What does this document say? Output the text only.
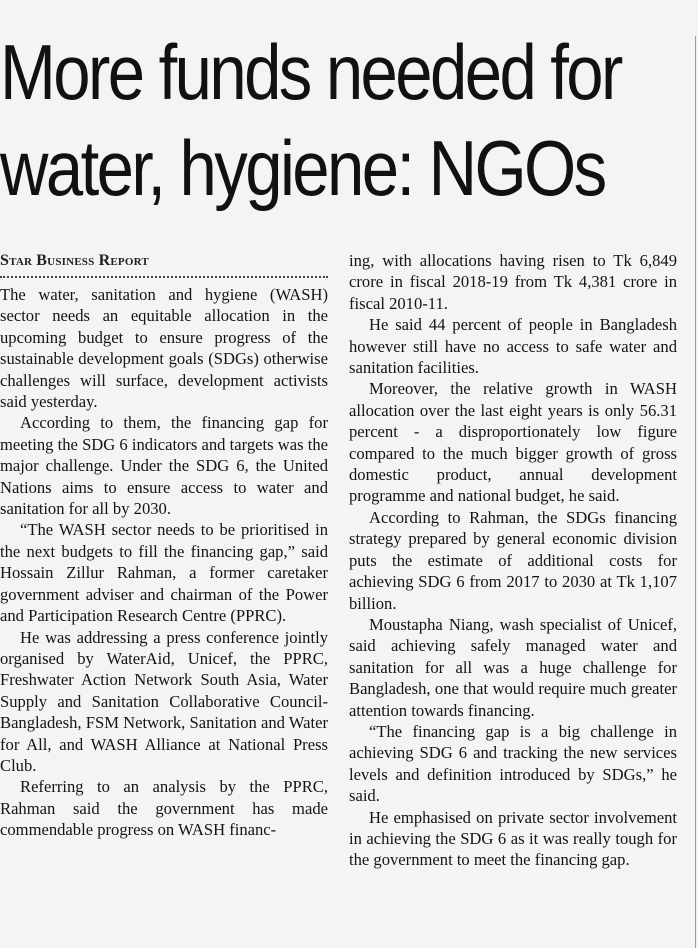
More funds needed for
water, hygiene: NGOs
Star Business Report

The water, sanitation and hygiene (WASH) sector needs an equitable allocation in the upcoming budget to ensure progress of the sustainable development goals (SDGs) otherwise challenges will surface, development activists said yesterday.

According to them, the financing gap for meeting the SDG 6 indicators and targets was the major challenge. Under the SDG 6, the United Nations aims to ensure access to water and sanitation for all by 2030.

“The WASH sector needs to be prioritised in the next budgets to fill the financing gap,” said Hossain Zillur Rahman, a former caretaker government adviser and chairman of the Power and Participation Research Centre (PPRC).

He was addressing a press conference jointly organised by WaterAid, Unicef, the PPRC, Freshwater Action Network South Asia, Water Supply and Sanitation Collaborative Council-Bangladesh, FSM Network, Sanitation and Water for All, and WASH Alliance at National Press Club.

Referring to an analysis by the PPRC, Rahman said the government has made commendable progress on WASH financ-

ing, with allocations having risen to Tk 6,849 crore in fiscal 2018-19 from Tk 4,381 crore in fiscal 2010-11.

He said 44 percent of people in Bangladesh however still have no access to safe water and sanitation facilities.

Moreover, the relative growth in WASH allocation over the last eight years is only 56.31 percent - a disproportionately low figure compared to the much bigger growth of gross domestic product, annual development programme and national budget, he said.

According to Rahman, the SDGs financing strategy prepared by general economic division puts the estimate of additional costs for achieving SDG 6 from 2017 to 2030 at Tk 1,107 billion.

Moustapha Niang, wash specialist of Unicef, said achieving safely managed water and sanitation for all was a huge challenge for Bangladesh, one that would require much greater attention towards financing.

“The financing gap is a big challenge in achieving SDG 6 and tracking the new services levels and definition introduced by SDGs,” he said.

He emphasised on private sector involvement in achieving the SDG 6 as it was really tough for the government to meet the financing gap.
